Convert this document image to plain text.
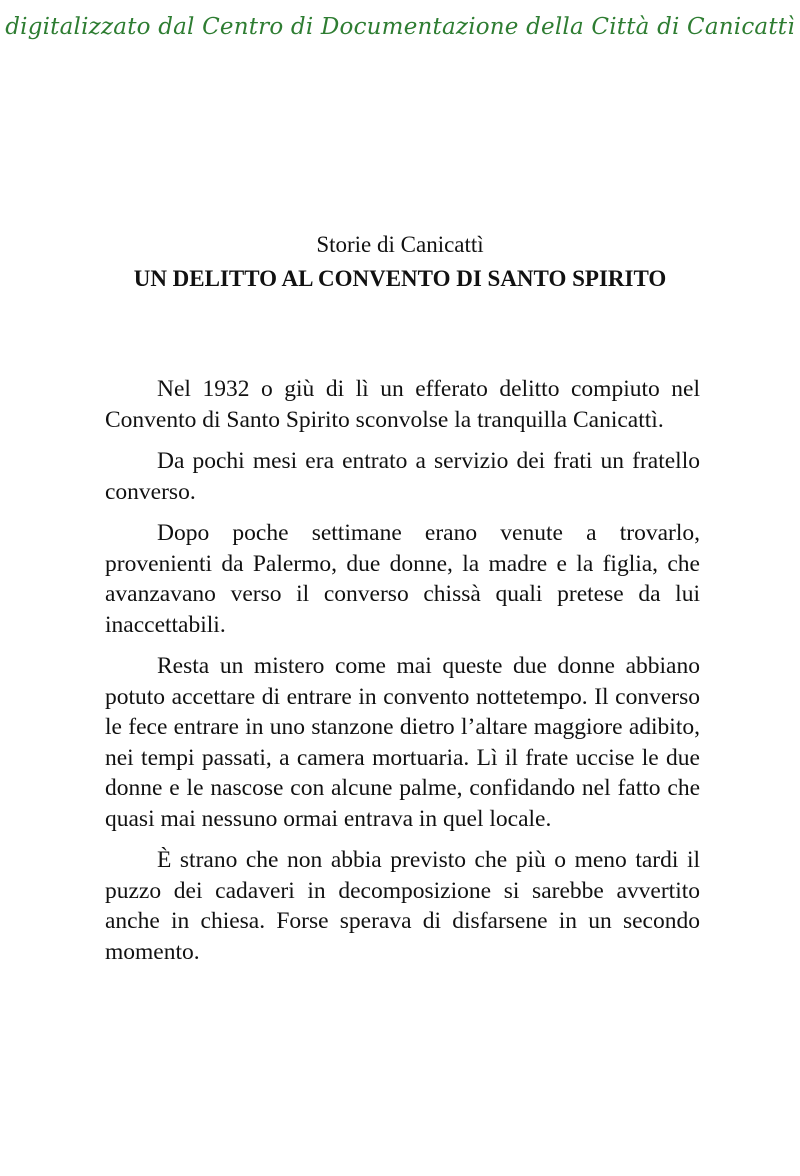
digitalizzato dal Centro di Documentazione della Città di Canicattì
Storie di Canicattì
UN DELITTO AL CONVENTO DI SANTO SPIRITO

Nel 1932 o giù di lì un efferato delitto compiuto nel Convento di Santo Spirito sconvolse la tranquilla Canicattì.

Da pochi mesi era entrato a servizio dei frati un fratello converso.

Dopo poche settimane erano venute a trovarlo, provenienti da Palermo, due donne, la madre e la figlia, che avanzavano verso il converso chissà quali pretese da lui inaccettabili.

Resta un mistero come mai queste due donne abbiano potuto accettare di entrare in convento nottetempo. Il converso le fece entrare in uno stanzone dietro l’altare maggiore adibito, nei tempi passati, a camera mortuaria. Lì il frate uccise le due donne e le nascose con alcune palme, confidando nel fatto che quasi mai nessuno ormai entrava in quel locale.

È strano che non abbia previsto che più o meno tardi il puzzo dei cadaveri in decomposizione si sarebbe avvertito anche in chiesa. Forse sperava di disfarsene in un secondo momento.
